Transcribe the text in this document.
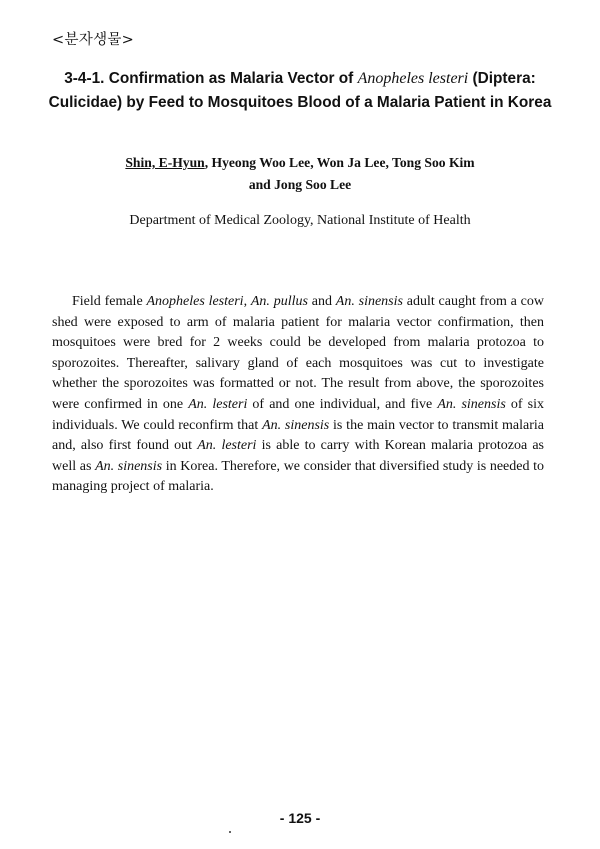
<분자생물>
3-4-1. Confirmation as Malaria Vector of Anopheles lesteri (Diptera: Culicidae) by Feed to Mosquitoes Blood of a Malaria Patient in Korea
Shin, E-Hyun, Hyeong Woo Lee, Won Ja Lee, Tong Soo Kim
and Jong Soo Lee
Department of Medical Zoology, National Institute of Health
Field female Anopheles lesteri, An. pullus and An. sinensis adult caught from a cow shed were exposed to arm of malaria patient for malaria vector confirmation, then mosquitoes were bred for 2 weeks could be developed from malaria protozoa to sporozoites. Thereafter, salivary gland of each mosquitoes was cut to investigate whether the sporozoites was formatted or not. The result from above, the sporozoites were confirmed in one An. lesteri of and one individual, and five An. sinensis of six individuals. We could reconfirm that An. sinensis is the main vector to transmit malaria and, also first found out An. lesteri is able to carry with Korean malaria protozoa as well as An. sinensis in Korea. Therefore, we consider that diversified study is needed to managing project of malaria.
- 125 -
